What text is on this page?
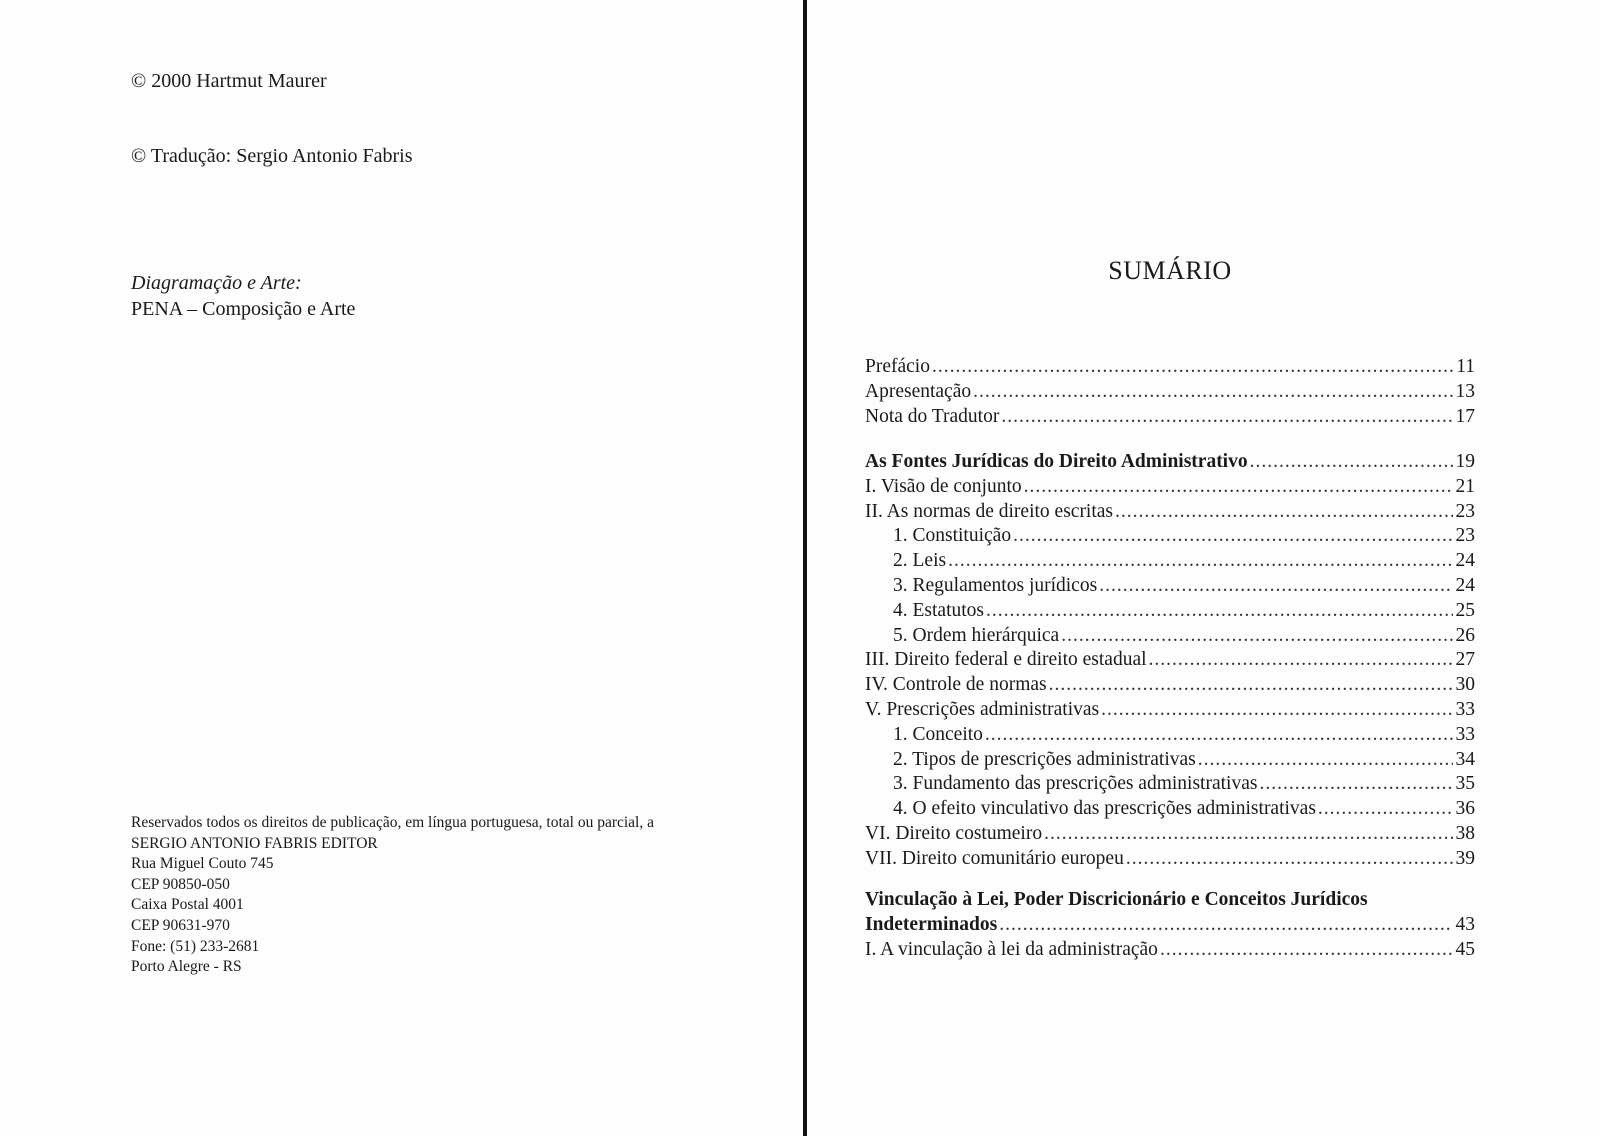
© 2000 Hartmut Maurer
© Tradução: Sergio Antonio Fabris
Diagramação e Arte:
PENA – Composição e Arte
Reservados todos os direitos de publicação, em língua portuguesa, total ou parcial, a
SERGIO ANTONIO FABRIS EDITOR
Rua Miguel Couto 745
CEP 90850-050
Caixa Postal 4001
CEP 90631-970
Fone: (51) 233-2681
Porto Alegre - RS
SUMÁRIO
Prefácio .....	11
Apresentação .....	13
Nota do Tradutor .....	17
As Fontes Jurídicas do Direito Administrativo .....	19
I. Visão de conjunto .....	21
II. As normas de direito escritas .....	23
1. Constituição .....	23
2. Leis .....	24
3. Regulamentos jurídicos .....	24
4. Estatutos .....	25
5. Ordem hierárquica .....	26
III. Direito federal e direito estadual .....	27
IV. Controle de normas .....	30
V. Prescrições administrativas .....	33
1. Conceito .....	33
2. Tipos de prescrições administrativas .....	34
3. Fundamento das prescrições administrativas .....	35
4. O efeito vinculativo das prescrições administrativas .....	36
VI. Direito costumeiro .....	38
VII. Direito comunitário europeu .....	39
Vinculação à Lei, Poder Discricionário e Conceitos Jurídicos
Indeterminados .....	43
I. A vinculação à lei da administração .....	45
